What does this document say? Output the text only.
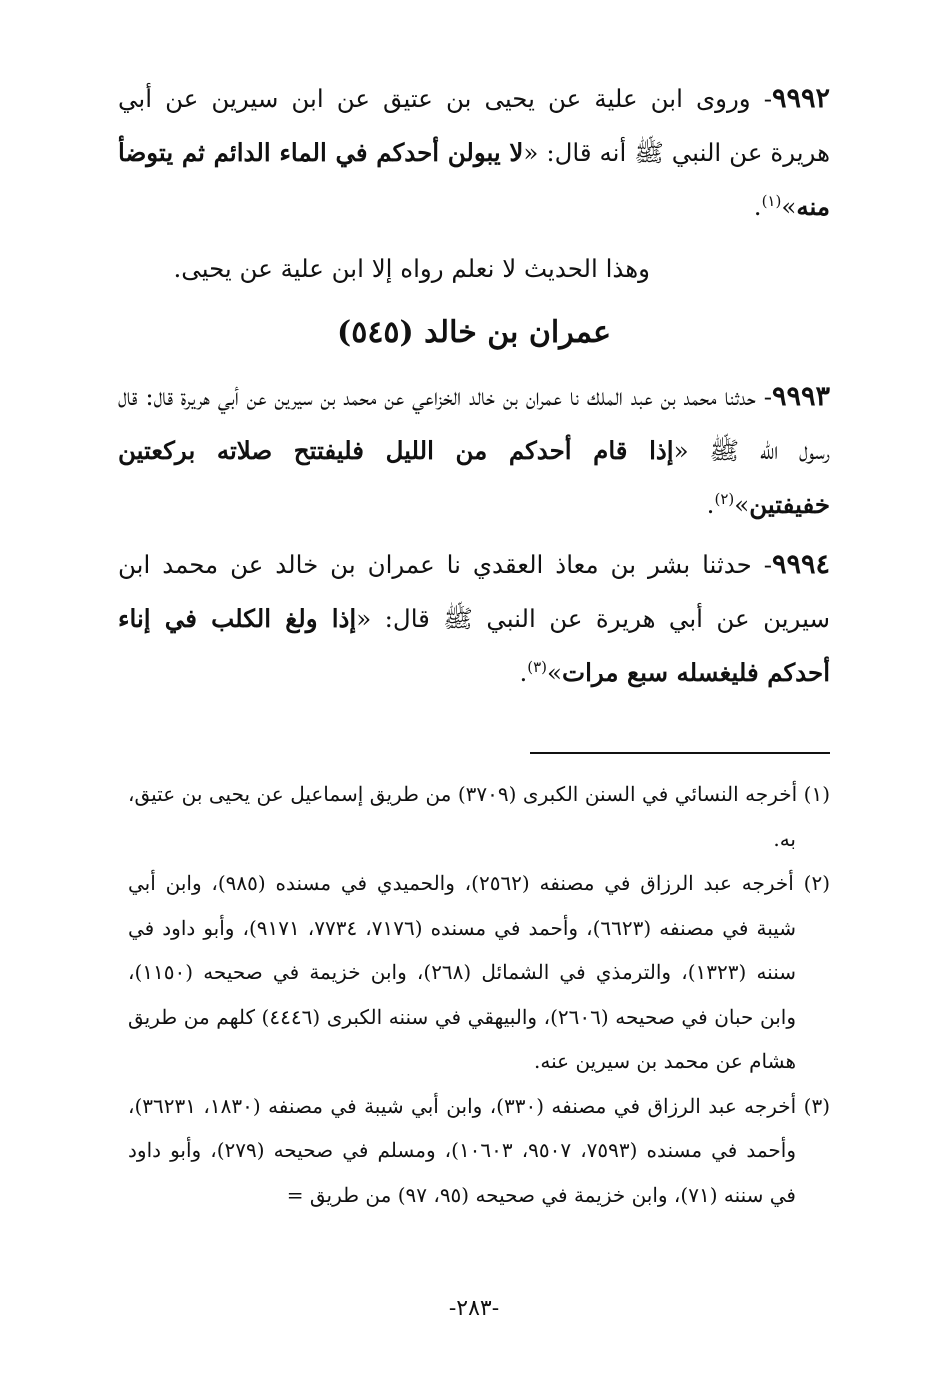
٩٩٩٢- وروى ابن علية عن يحيى بن عتيق عن ابن سيرين عن أبي هريرة عن النبي ﷺ أنه قال: «لا يبولن أحدكم في الماء الدائم ثم يتوضأ منه»$^{(١)}$.

وهذا الحديث لا نعلم رواه إلا ابن علية عن يحيى.

عمران بن خالد (٥٤٥)

٩٩٩٣- حدثنا محمد بن عبد الملك نا عمران بن خالد الخزاعي عن محمد بن سيرين عن أبي هريرة قال: قال رسول الله ﷺ «إذا قام أحدكم من الليل فليفتتح صلاته بركعتين خفيفتين»$^{(٢)}$.

٩٩٩٤- حدثنا بشر بن معاذ العقدي نا عمران بن خالد عن محمد ابن سيرين عن أبي هريرة عن النبي ﷺ قال: «إذا ولغ الكلب في إناء أحدكم فليغسله سبع مرات»$^{(٣)}$.

(١) أخرجه النسائي في السنن الكبرى (٣٧٠٩) من طريق إسماعيل عن يحيى بن عتيق، به.

(٢) أخرجه عبد الرزاق في مصنفه (٢٥٦٢)، والحميدي في مسنده (٩٨٥)، وابن أبي شيبة في مصنفه (٦٦٢٣)، وأحمد في مسنده (٧١٧٦، ٧٧٣٤، ٩١٧١)، وأبو داود في سننه (١٣٢٣)، والترمذي في الشمائل (٢٦٨)، وابن خزيمة في صحيحه (١١٥٠)، وابن حبان في صحيحه (٢٦٠٦)، والبيهقي في سننه الكبرى (٤٤٤٦) كلهم من طريق هشام عن محمد بن سيرين عنه.

(٣) أخرجه عبد الرزاق في مصنفه (٣٣٠)، وابن أبي شيبة في مصنفه (١٨٣٠، ٣٦٢٣١)، وأحمد في مسنده (٧٥٩٣، ٩٥٠٧، ١٠٦٠٣)، ومسلم في صحيحه (٢٧٩)، وأبو داود في سننه (٧١)، وابن خزيمة في صحيحه (٩٥، ٩٧) من طريق =

-٢٨٣-
